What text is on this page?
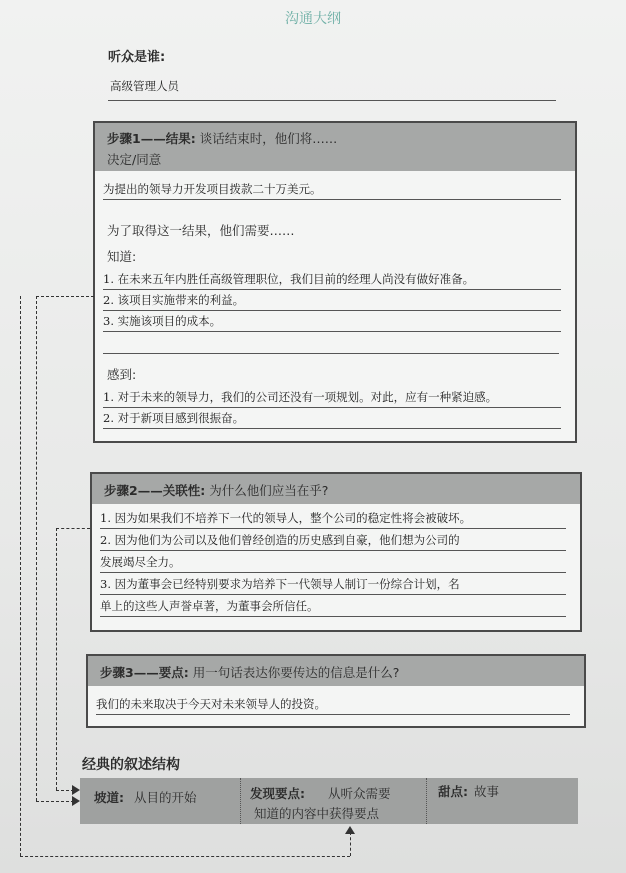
沟通大纲
听众是谁:
高级管理人员
步骤1——结果: 谈话结束时，他们将……
决定/同意
为提出的领导力开发项目拨款二十万美元。
为了取得这一结果，他们需要……
知道:
1. 在未来五年内胜任高级管理职位，我们目前的经理人尚没有做好准备。
2. 该项目实施带来的利益。
3. 实施该项目的成本。
感到:
1. 对于未来的领导力，我们的公司还没有一项规划。对此，应有一种紧迫感。
2. 对于新项目感到很振奋。
步骤2——关联性: 为什么他们应当在乎?
1. 因为如果我们不培养下一代的领导人，整个公司的稳定性将会被破坏。
2. 因为他们为公司以及他们曾经创造的历史感到自豪，他们想为公司的
发展竭尽全力。
3. 因为董事会已经特别要求为培养下一代领导人制订一份综合计划，名
单上的这些人声誉卓著，为董事会所信任。
步骤3——要点: 用一句话表达你要传达的信息是什么?
我们的未来取决于今天对未来领导人的投资。
经典的叙述结构
坡道: 从目的开始	发现要点: 从听众需要
知道的内容中获得要点
甜点: 故事
